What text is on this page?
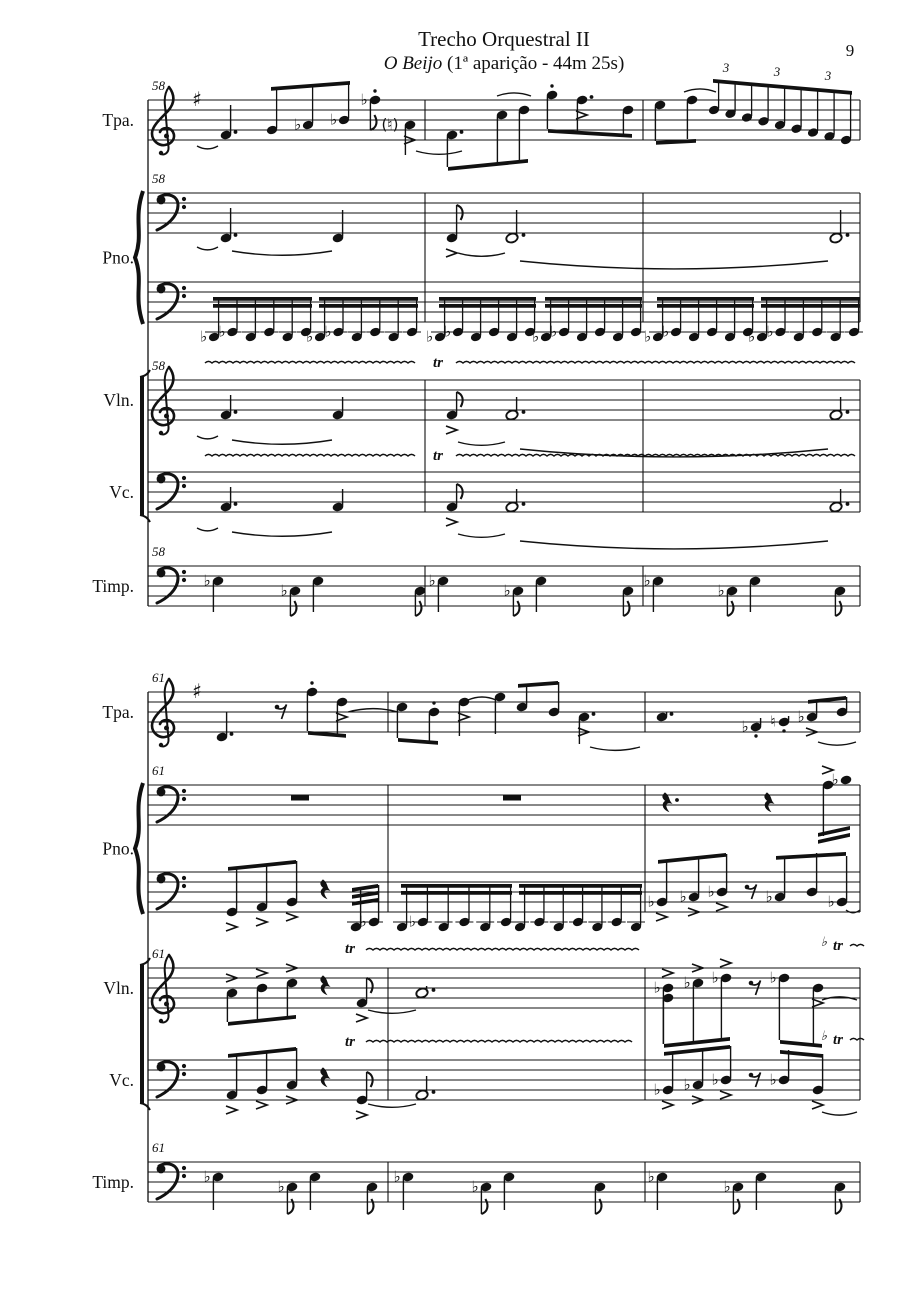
Trecho Orquestral II
O Beijo (1ª aparição - 44m 25s)
9
Pno.
♯
Tpa.
58
♭ ♭
♭
(♮)
3	3	3
58
♭ ♭	♭ ♭	♭ ♭	♭ ♭	♭ ♭	♭ ♭
Vln.
58	tr
Vc.
tr
Timp.
58
♭
♭
♭
♭
♭
♭
Pno.
♯
Tpa.
61
♭ ♮ ♭
61	♭
♭	♭
♭ ♭ ♭	♭	♭
Vln.
61	tr
♭ ♭ ♭	♭
♭ tr
Vc.
tr
♭ ♭ ♭	♭
♭ tr
Timp.
61
♭
♭
♭
♭
♭
♭
